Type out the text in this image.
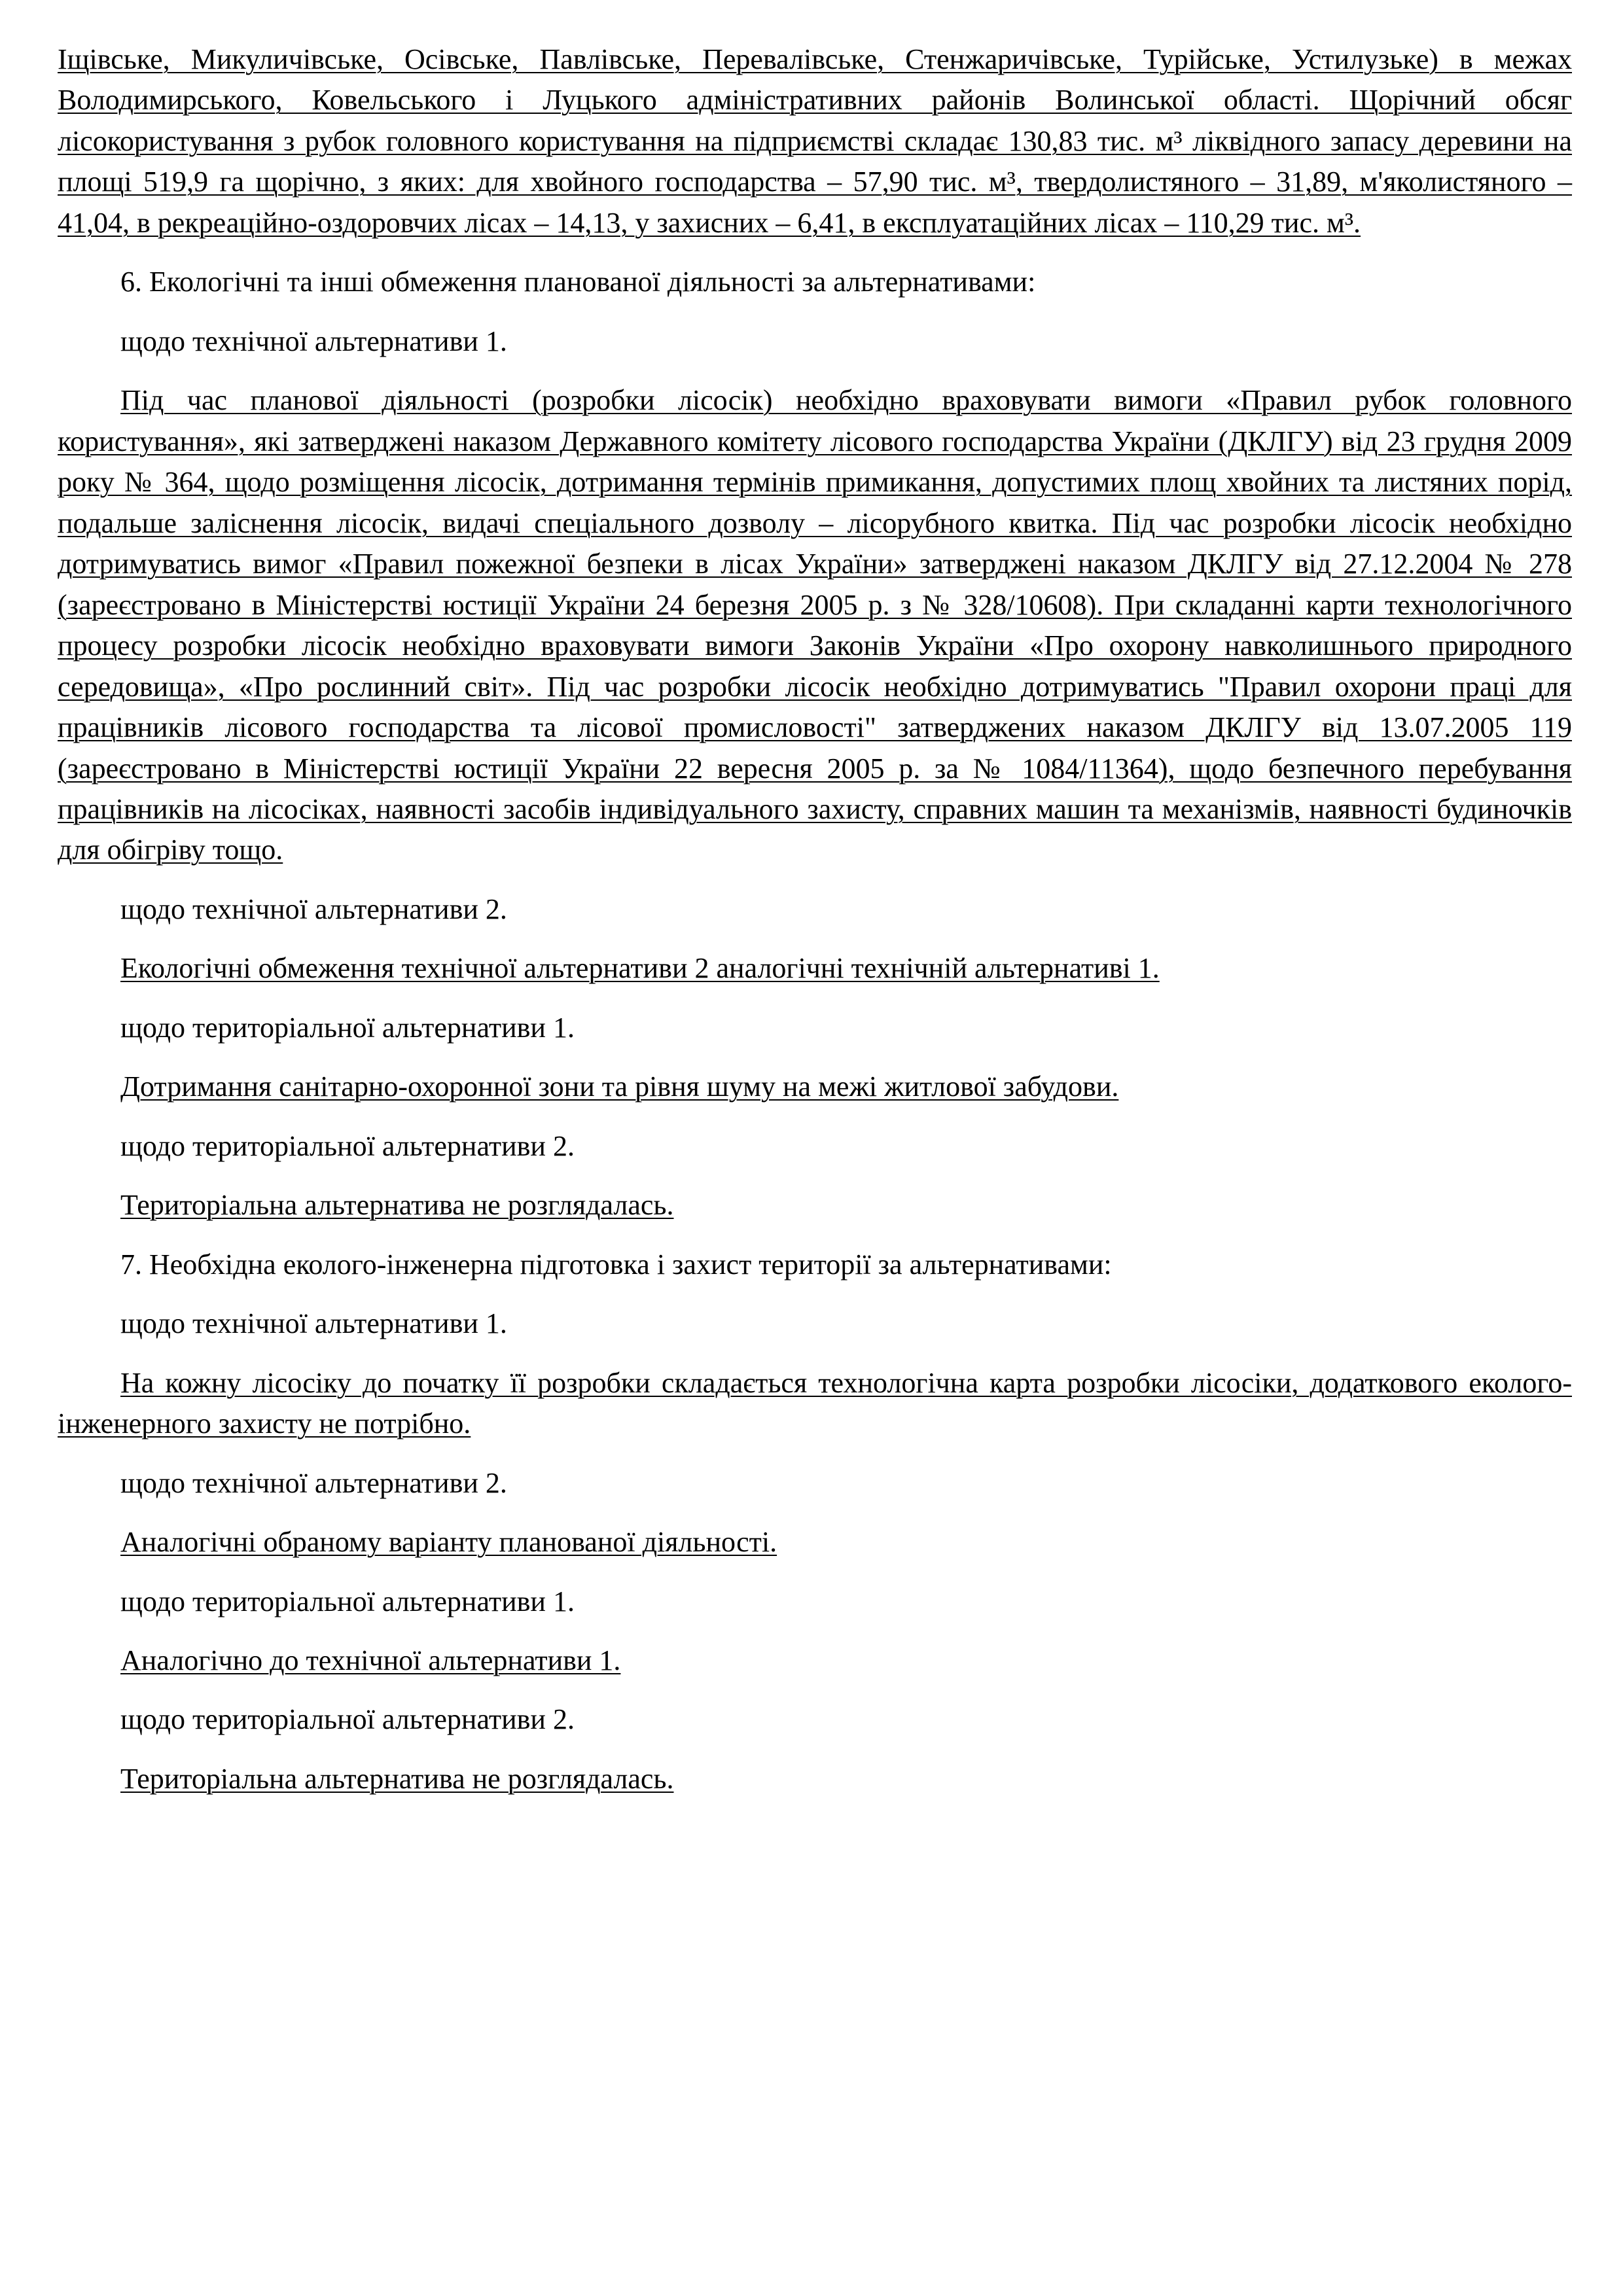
Іщівське, Микуличівське, Осівське, Павлівське, Перевалівське, Стенжаричівське, Турійське, Устилузьке) в межах Володимирського, Ковельського і Луцького адміністративних районів Волинської області. Щорічний обсяг лісокористування з рубок головного користування на підприємстві складає 130,83 тис. м³ ліквідного запасу деревини на площі 519,9 га щорічно, з яких: для хвойного господарства – 57,90 тис. м³, твердолистяного – 31,89, м'яколистяного – 41,04, в рекреаційно-оздоровчих лісах – 14,13, у захисних – 6,41, в експлуатаційних лісах – 110,29 тис. м³.

6. Екологічні та інші обмеження планованої діяльності за альтернативами:

щодо технічної альтернативи 1.

Під час планової діяльності (розробки лісосік) необхідно враховувати вимоги «Правил рубок головного користування», які затверджені наказом Державного комітету лісового господарства України (ДКЛГУ) від 23 грудня 2009 року № 364, щодо розміщення лісосік, дотримання термінів примикання, допустимих площ хвойних та листяних порід, подальше заліснення лісосік, видачі спеціального дозволу – лісорубного квитка. Під час розробки лісосік необхідно дотримуватись вимог «Правил пожежної безпеки в лісах України» затверджені наказом ДКЛГУ від 27.12.2004 № 278 (зареєстровано в Міністерстві юстиції України 24 березня 2005 р. з № 328/10608). При складанні карти технологічного процесу розробки лісосік необхідно враховувати вимоги Законів України «Про охорону навколишнього природного середовища», «Про рослинний світ». Під час розробки лісосік необхідно дотримуватись "Правил охорони праці для працівників лісового господарства та лісової промисловості" затверджених наказом ДКЛГУ від 13.07.2005 119 (зареєстровано в Міністерстві юстиції України 22 вересня 2005 р. за № 1084/11364), щодо безпечного перебування працівників на лісосіках, наявності засобів індивідуального захисту, справних машин та механізмів, наявності будиночків для обігріву тощо.

щодо технічної альтернативи 2.

Екологічні обмеження технічної альтернативи 2 аналогічні технічній альтернативі 1.

щодо територіальної альтернативи 1.

Дотримання санітарно-охоронної зони та рівня шуму на межі житлової забудови.

щодо територіальної альтернативи 2.

Територіальна альтернатива не розглядалась.

7. Необхідна еколого-інженерна підготовка і захист території за альтернативами:

щодо технічної альтернативи 1.

На кожну лісосіку до початку її розробки складається технологічна карта розробки лісосіки, додаткового еколого-інженерного захисту не потрібно.

щодо технічної альтернативи 2.

Аналогічні обраному варіанту планованої діяльності.

щодо територіальної альтернативи 1.

Аналогічно до технічної альтернативи 1.

щодо територіальної альтернативи 2.

Територіальна альтернатива не розглядалась.
